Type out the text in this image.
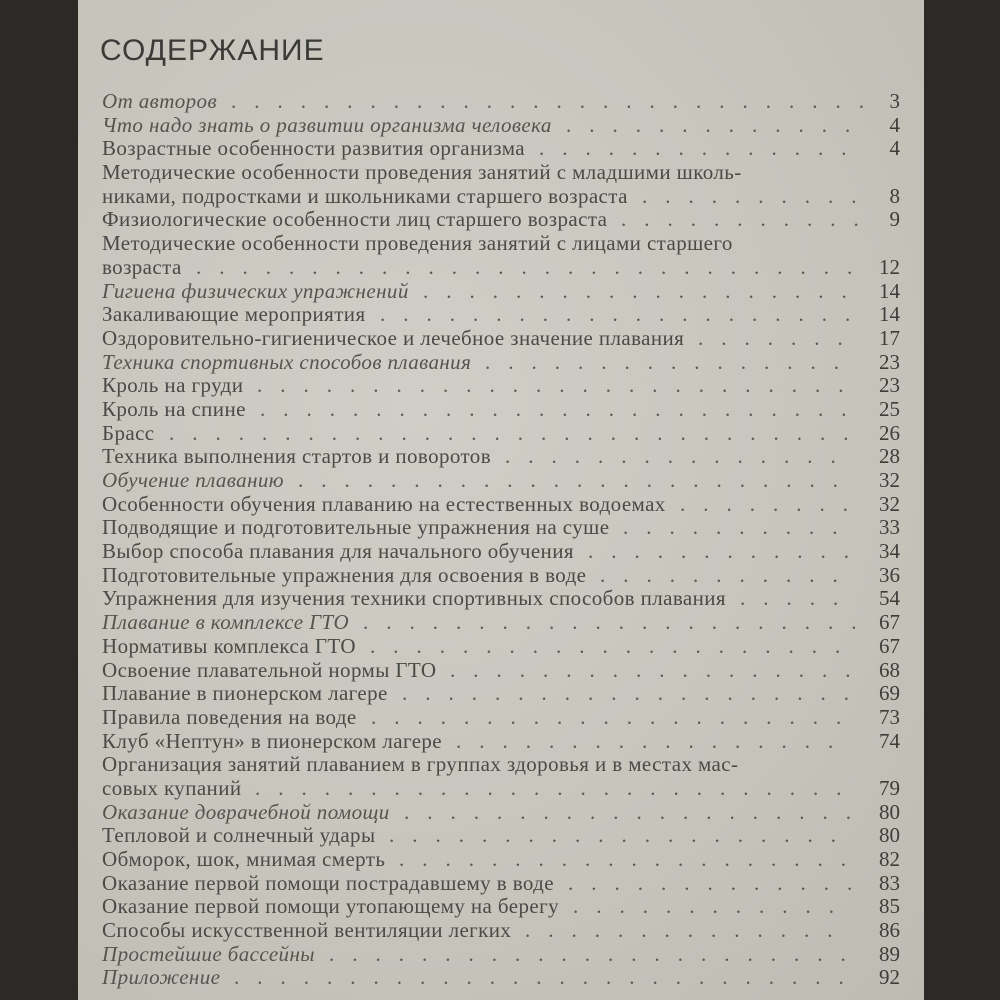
СОДЕРЖАНИЕ
От авторов	3
............................
Что надо знать о развитии организма человека	4
.............
Возрастные особенности развития организма	4
..............
Методические особенности проведения занятий с младшими школь-
никами, подростками и школьниками старшего возраста	8
..........
Физиологические особенности лиц старшего возраста	9
...........
Методические особенности проведения занятий с лицами старшего
возраста	12
.............................
Гигиена физических упражнений	14
...................
Закаливающие мероприятия	14
.....................
Оздоровительно-гигиеническое и лечебное значение плавания	17
.......
Техника спортивных способов плавания	23
................
Кроль на груди	23
..........................
Кроль на спине	25
..........................
Брасс	26
..............................
Техника выполнения стартов и поворотов	28
...............
Обучение плаванию	32
........................
Особенности обучения плаванию на естественных водоемах	32
........
Подводящие и подготовительные упражнения на суше	33
..........
Выбор способа плавания для начального обучения	34
............
Подготовительные упражнения для освоения в воде	36
...........
Упражнения для изучения техники спортивных способов плавания	54
.....
Плавание в комплексе ГТО	67
......................
Нормативы комплекса ГТО	67
.....................
Освоение плавательной нормы ГТО	68
..................
Плавание в пионерском лагере	69
....................
Правила поведения на воде	73
.....................
Клуб «Нептун» в пионерском лагере	74
.................
Организация занятий плаванием в группах здоровья и в местах мас-
совых купаний	79
..........................
Оказание доврачебной помощи	80
....................
Тепловой и солнечный удары	80
....................
Обморок, шок, мнимая смерть	82
....................
Оказание первой помощи пострадавшему в воде	83
.............
Оказание первой помощи утопающему на берегу	85
............
Способы искусственной вентиляции легких	86
..............
Простейшие бассейны	89
.......................
Приложение	92
...........................
